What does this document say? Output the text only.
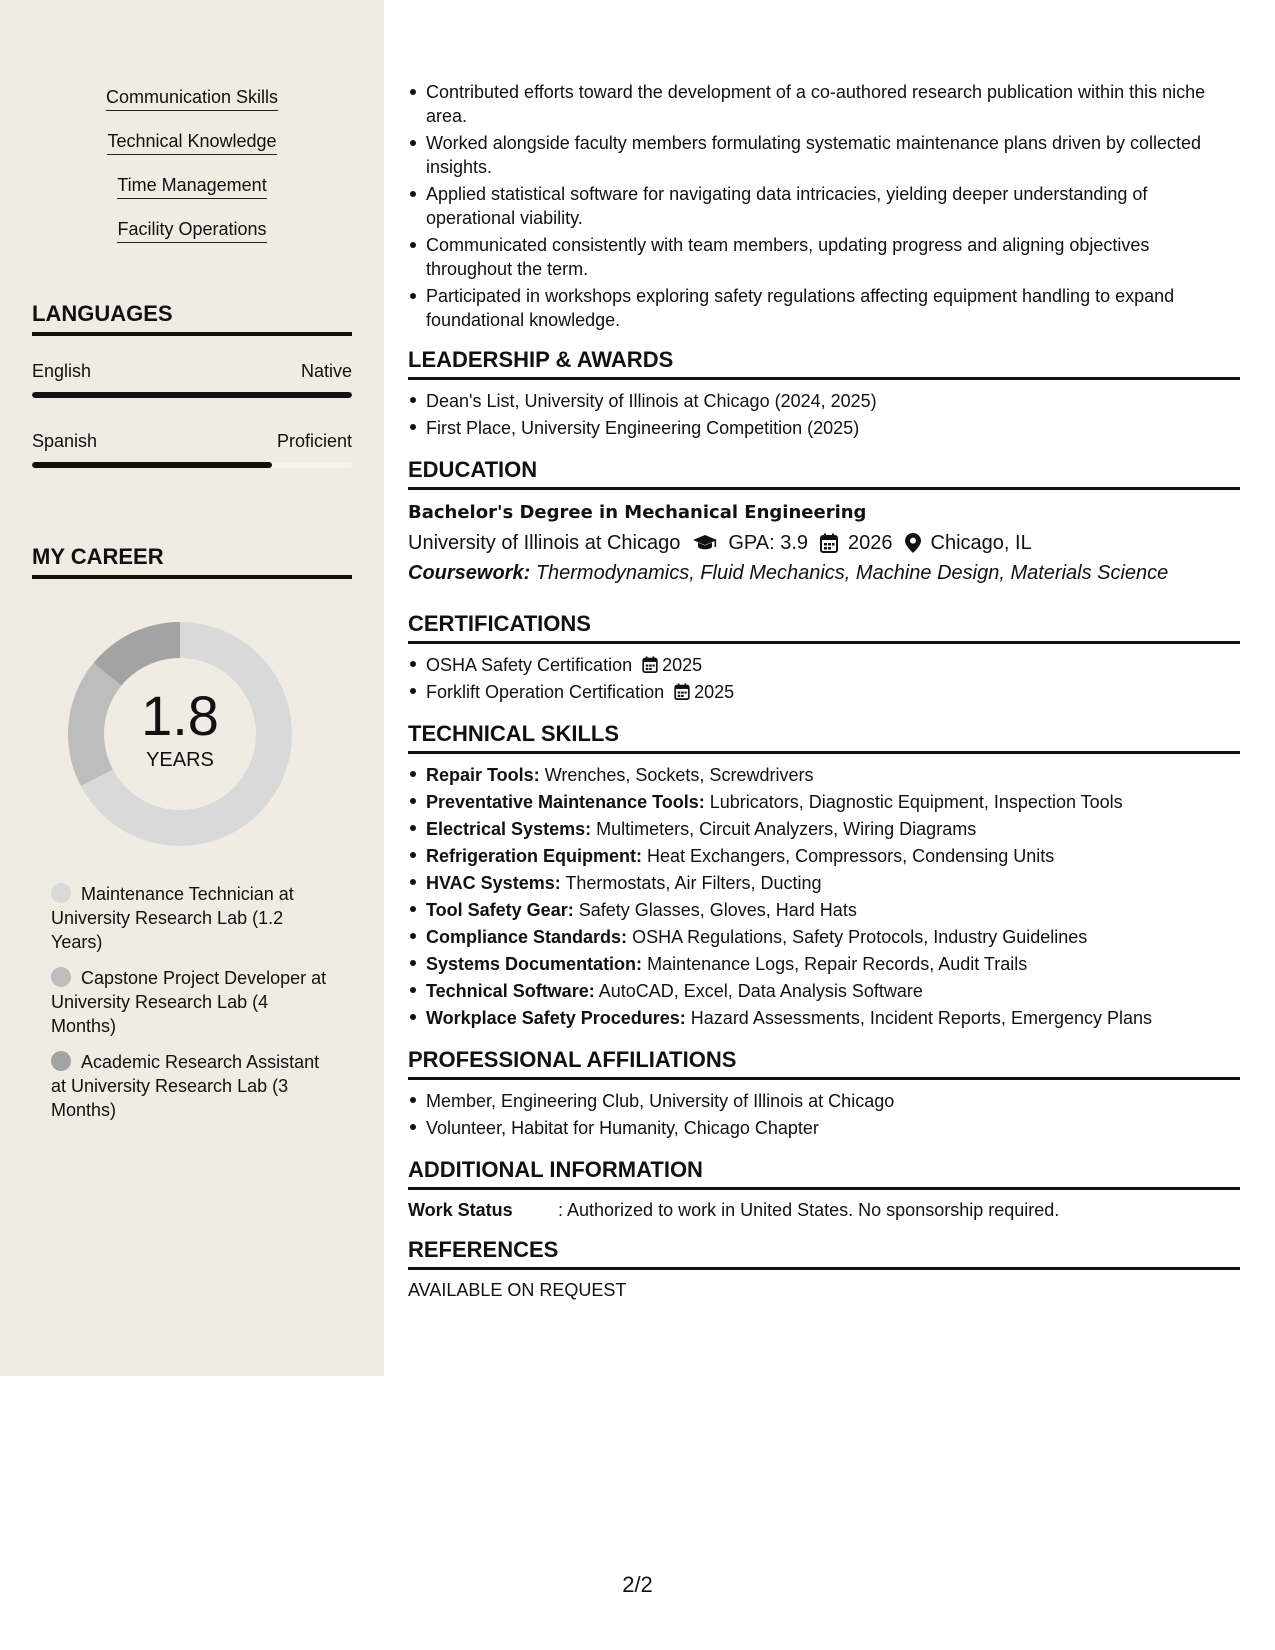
Communication Skills
Technical Knowledge
Time Management
Facility Operations
LANGUAGES
English	Native
Spanish	Proficient
MY CAREER
1.8
YEARS
Maintenance Technician at University Research Lab (1.2 Years)
Capstone Project Developer at University Research Lab (4 Months)
Academic Research Assistant at University Research Lab (3 Months)
Contributed efforts toward the development of a co-authored research publication within this niche area.
Worked alongside faculty members formulating systematic maintenance plans driven by collected insights.
Applied statistical software for navigating data intricacies, yielding deeper understanding of operational viability.
Communicated consistently with team members, updating progress and aligning objectives throughout the term.
Participated in workshops exploring safety regulations affecting equipment handling to expand foundational knowledge.
LEADERSHIP & AWARDS
Dean's List, University of Illinois at Chicago (2024, 2025)
First Place, University Engineering Competition (2025)
EDUCATION
Bachelor's Degree in Mechanical Engineering
University of Illinois at Chicago GPA: 3.9 2026 Chicago, IL
Coursework: Thermodynamics, Fluid Mechanics, Machine Design, Materials Science
CERTIFICATIONS
OSHA Safety Certification 2025
Forklift Operation Certification 2025
TECHNICAL SKILLS
Repair Tools: Wrenches, Sockets, Screwdrivers
Preventative Maintenance Tools: Lubricators, Diagnostic Equipment, Inspection Tools
Electrical Systems: Multimeters, Circuit Analyzers, Wiring Diagrams
Refrigeration Equipment: Heat Exchangers, Compressors, Condensing Units
HVAC Systems: Thermostats, Air Filters, Ducting
Tool Safety Gear: Safety Glasses, Gloves, Hard Hats
Compliance Standards: OSHA Regulations, Safety Protocols, Industry Guidelines
Systems Documentation: Maintenance Logs, Repair Records, Audit Trails
Technical Software: AutoCAD, Excel, Data Analysis Software
Workplace Safety Procedures: Hazard Assessments, Incident Reports, Emergency Plans
PROFESSIONAL AFFILIATIONS
Member, Engineering Club, University of Illinois at Chicago
Volunteer, Habitat for Humanity, Chicago Chapter
ADDITIONAL INFORMATION
Work Status	: Authorized to work in United States. No sponsorship required.
REFERENCES
AVAILABLE ON REQUEST
2/2
